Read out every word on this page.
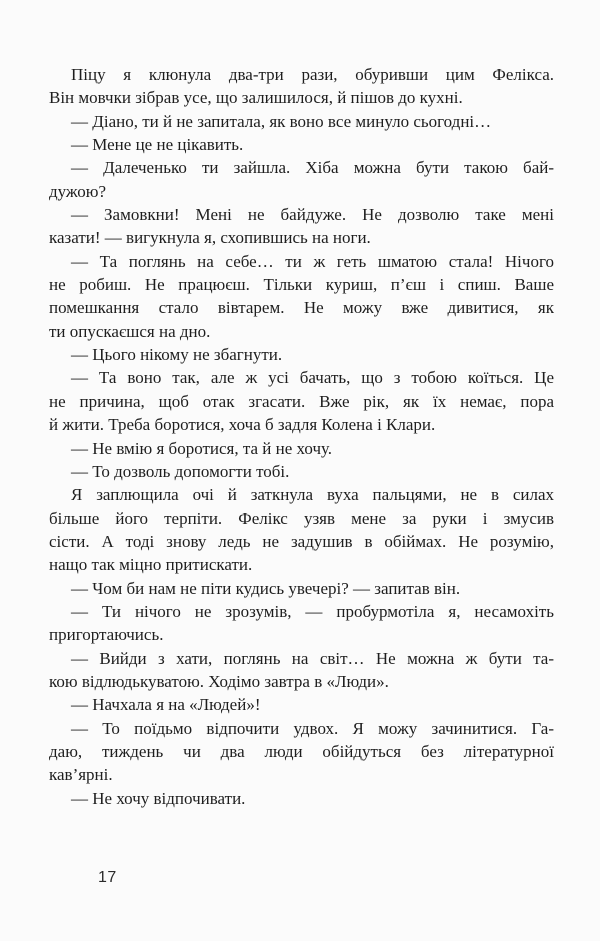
Піцу я клюнула два-три рази, обуривши цим Фелікса.
Він мовчки зібрав усе, що залишилося, й пішов до кухні.
— Діано, ти й не запитала, як воно все минуло сьогодні…
— Мене це не цікавить.
— Далеченько ти зайшла. Хіба можна бути такою бай-
дужою?
— Замовкни! Мені не байдуже. Не дозволю таке мені
казати! — вигукнула я, схопившись на ноги.
— Та поглянь на себе… ти ж геть шматою стала! Нічого
не робиш. Не працюєш. Тільки куриш, п’єш і спиш. Ваше
помешкання стало вівтарем. Не можу вже дивитися, як
ти опускаєшся на дно.
— Цього нікому не збагнути.
— Та воно так, але ж усі бачать, що з тобою коїться. Це
не причина, щоб отак згасати. Вже рік, як їх немає, пора
й жити. Треба боротися, хоча б задля Колена і Клари.
— Не вмію я боротися, та й не хочу.
— То дозволь допомогти тобі.
Я заплющила очі й заткнула вуха пальцями, не в силах
більше його терпіти. Фелікс узяв мене за руки і змусив
сісти. А тоді знову ледь не задушив в обіймах. Не розумію,
нащо так міцно притискати.
— Чом би нам не піти кудись увечері? — запитав він.
— Ти нічого не зрозумів, — пробурмотіла я, несамохіть
пригортаючись.
— Вийди з хати, поглянь на світ… Не можна ж бути та-
кою відлюдькуватою. Ходімо завтра в «Люди».
— Начхала я на «Людей»!
— То поїдьмо відпочити удвох. Я можу зачинитися. Га-
даю, тиждень чи два люди обійдуться без літературної
кав’ярні.
— Не хочу відпочивати.
17
